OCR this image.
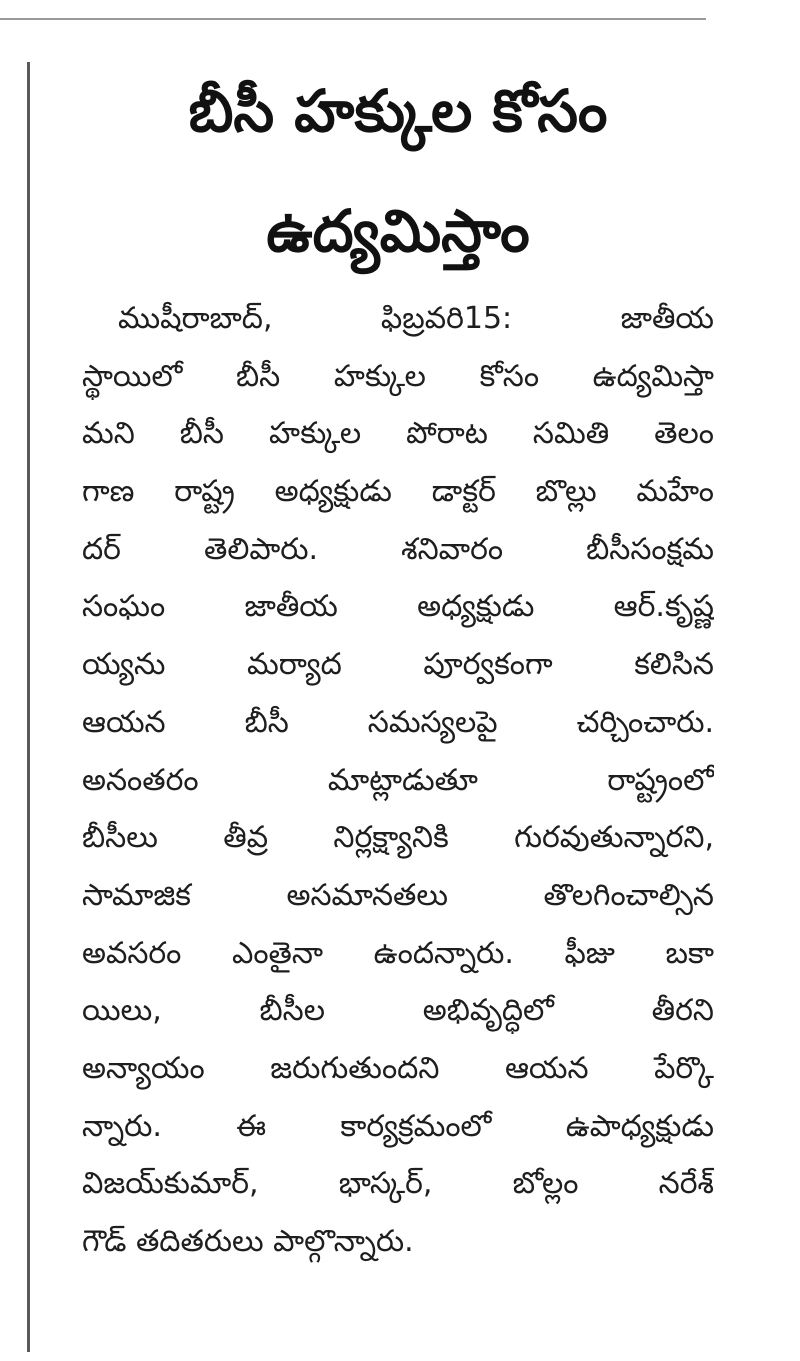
బీసీ హక్కుల కోసం
ఉద్యమిస్తాం
ముషీరాబాద్, ఫిబ్రవరి15: జాతీయ
స్థాయిలో బీసీ హక్కుల కోసం ఉద్యమిస్తా
మని బీసీ హక్కుల పోరాట సమితి తెలం
గాణ రాష్ట్ర అధ్యక్షుడు డాక్టర్ బొల్లు మహేం
దర్ తెలిపారు. శనివారం బీసీసంక్షమ
సంఘం జాతీయ అధ్యక్షుడు ఆర్.కృష్ణ
య్యను మర్యాద పూర్వకంగా కలిసిన
ఆయన బీసీ సమస్యలపై చర్చించారు.
అనంతరం మాట్లాడుతూ రాష్ట్రంలో
బీసీలు తీవ్ర నిర్లక్ష్యానికి గురవుతున్నారని,
సామాజిక అసమానతలు తొలగించాల్సిన
అవసరం ఎంతైనా ఉందన్నారు. ఫీజు బకా
యిలు, బీసీల అభివృద్ధిలో తీరని
అన్యాయం జరుగుతుందని ఆయన పేర్కొ
న్నారు. ఈ కార్యక్రమంలో ఉపాధ్యక్షుడు
విజయ్‌కుమార్, భాస్కర్, బోల్లం నరేశ్
గౌడ్ తదితరులు పాల్గొన్నారు.
